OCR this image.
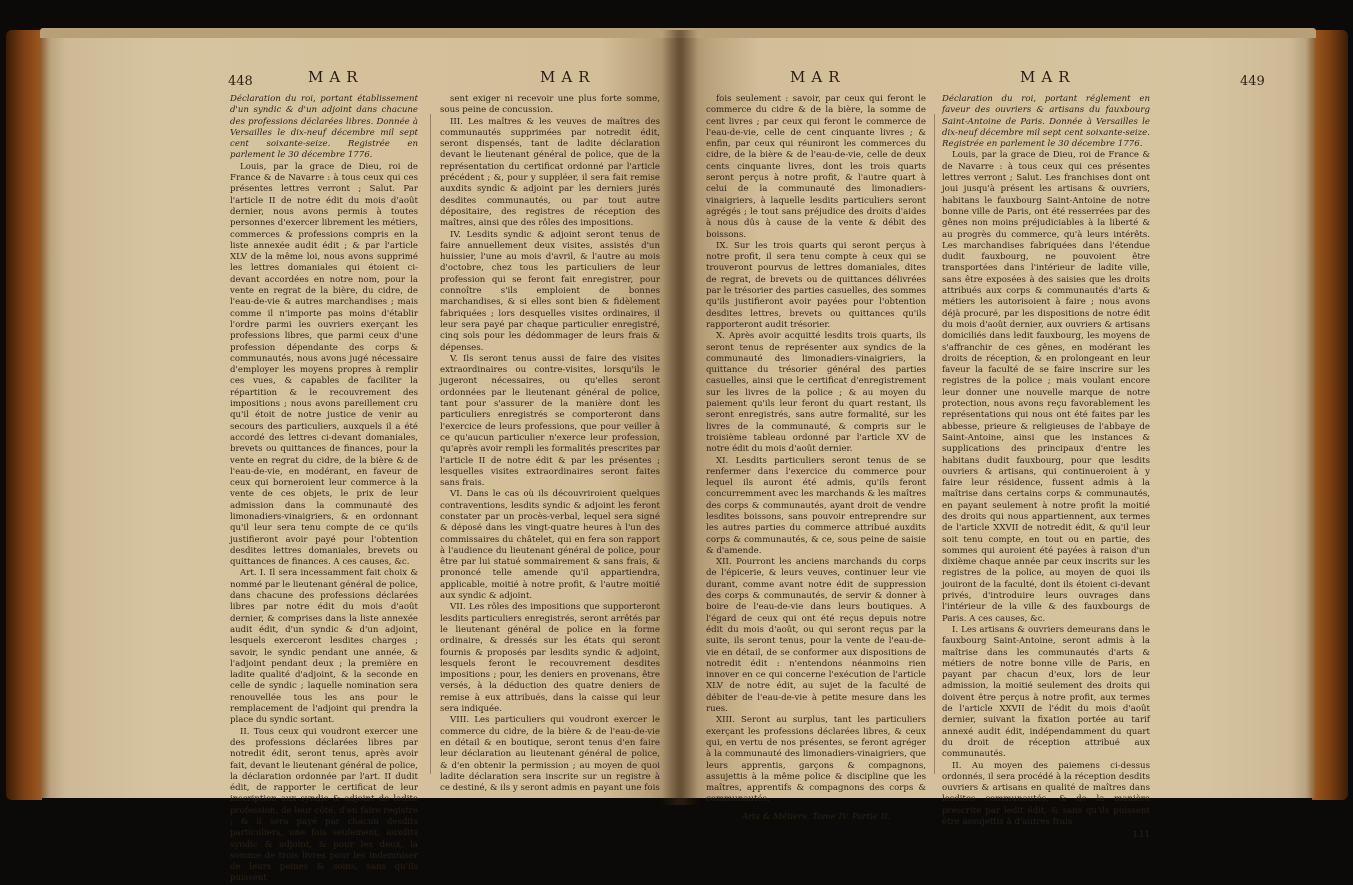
448	MAR	MAR

Déclaration du roi, portant établissement d'un syndic & d'un adjoint dans chacune des professions déclarées libres. Donnée à Versailles le dix-neuf décembre mil sept cent soixante-seize. Registrée en parlement le 30 décembre 1776.

Louis, par la grace de Dieu, roi de France & de Navarre : à tous ceux qui ces présentes lettres verront ; Salut. Par l'article II de notre édit du mois d'août dernier, nous avons permis à toutes personnes d'exercer librement les métiers, commerces & professions compris en la liste annexée audit édit ; & par l'article XLV de la même loi, nous avons supprimé les lettres domaniales qui étoient ci-devant accordées en notre nom, pour la vente en regrat de la bière, du cidre, de l'eau-de-vie & autres marchandises ; mais comme il n'importe pas moins d'établir l'ordre parmi les ouvriers exerçant les professions libres, que parmi ceux d'une profession dépendante des corps & communautés, nous avons jugé nécessaire d'employer les moyens propres à remplir ces vues, & capables de faciliter la répartition & le recouvrement des impositions ; nous avons pareillement cru qu'il étoit de notre justice de venir au secours des particuliers, auxquels il a été accordé des lettres ci-devant domaniales, brevets ou quittances de finances, pour la vente en regrat du cidre, de la bière & de l'eau-de-vie, en modérant, en faveur de ceux qui borneroient leur commerce à la vente de ces objets, le prix de leur admission dans la communauté des limonadiers-vinaigriers, & en ordonnant qu'il leur sera tenu compte de ce qu'ils justifieront avoir payé pour l'obtention desdites lettres domaniales, brevets ou quittances de finances. A ces causes, &c.

Art. I. Il sera incessamment fait choix & nommé par le lieutenant général de police, dans chacune des professions déclarées libres par notre édit du mois d'août dernier, & comprises dans la liste annexée audit édit, d'un syndic & d'un adjoint, lesquels exerceront lesdites charges ; savoir, le syndic pendant une année, & l'adjoint pendant deux ; la première en ladite qualité d'adjoint, & la seconde en celle de syndic ; laquelle nomination sera renouvellée tous les ans pour le remplacement de l'adjoint qui prendra la place du syndic sortant.

II. Tous ceux qui voudront exercer une des professions déclarées libres par notredit édit, seront tenus, après avoir fait, devant le lieutenant général de police, la déclaration ordonnée par l'art. II dudit édit, de rapporter le certificat de leur inscription aux syndic & adjoint de ladite profession, de leur côté, d'en faire registre ; & il sera payé par chacun desdits particuliers, une fois seulement, auxdits syndic & adjoint, & pour les deux, la somme de trois livres pour les indemniser de leurs peines & soins, sans qu'ils puissent

sent exiger ni recevoir une plus forte somme, sous peine de concussion.

III. Les maîtres & les veuves de maîtres des communautés supprimées par notredit édit, seront dispensés, tant de ladite déclaration devant le lieutenant général de police, que de la représentation du certificat ordonné par l'article précédent ; &, pour y suppléer, il sera fait remise auxdits syndic & adjoint par les derniers jurés desdites communautés, ou par tout autre dépositaire, des registres de réception des maîtres, ainsi que des rôles des impositions.

IV. Lesdits syndic & adjoint seront tenus de faire annuellement deux visites, assistés d'un huissier, l'une au mois d'avril, & l'autre au mois d'octobre, chez tous les particuliers de leur profession qui se feront fait enregistrer, pour connoître s'ils emploient de bonnes marchandises, & si elles sont bien & fidèlement fabriquées ; lors desquelles visites ordinaires, il leur sera payé par chaque particulier enregistré, cinq sols pour les dédommager de leurs frais & dépenses.

V. Ils seront tenus aussi de faire des visites extraordinaires ou contre-visites, lorsqu'ils le jugeront nécessaires, ou qu'elles seront ordonnées par le lieutenant général de police, tant pour s'assurer de la manière dont les particuliers enregistrés se comporteront dans l'exercice de leurs professions, que pour veiller à ce qu'aucun particulier n'exerce leur profession, qu'après avoir rempli les formalités prescrites par l'article II de notre édit & par les présentes ; lesquelles visites extraordinaires seront faites sans frais.

VI. Dans le cas où ils découvriroient quelques contraventions, lesdits syndic & adjoint les feront constater par un procès-verbal, lequel sera signé & déposé dans les vingt-quatre heures à l'un des commissaires du châtelet, qui en fera son rapport à l'audience du lieutenant général de police, pour être par lui statué sommairement & sans frais, & prononcé telle amende qu'il appartiendra, applicable, moitié à notre profit, & l'autre moitié aux syndic & adjoint.

VII. Les rôles des impositions que supporteront lesdits particuliers enregistrés, seront arrêtés par le lieutenant général de police en la forme ordinaire, & dressés sur les états qui seront fournis & proposés par lesdits syndic & adjoint, lesquels feront le recouvrement desdites impositions ; pour, les deniers en provenans, être versés, à la déduction des quatre deniers de remise à eux attribués, dans la caisse qui leur sera indiquée.

VIII. Les particuliers qui voudront exercer le commerce du cidre, de la bière & de l'eau-de-vie en détail & en boutique, seront tenus d'en faire leur déclaration au lieutenant général de police, & d'en obtenir la permission ; au moyen de quoi ladite déclaration sera inscrite sur un registre à ce destiné, & ils y seront admis en payant une fois

MAR	MAR	449

fois seulement : savoir, par ceux qui feront le commerce du cidre & de la bière, la somme de cent livres ; par ceux qui feront le commerce de l'eau-de-vie, celle de cent cinquante livres ; & enfin, par ceux qui réuniront les commerces du cidre, de la bière & de l'eau-de-vie, celle de deux cents cinquante livres, dont les trois quarts seront perçus à notre profit, & l'autre quart à celui de la communauté des limonadiers-vinaigriers, à laquelle lesdits particuliers seront agrégés ; le tout sans préjudice des droits d'aides à nous dûs à cause de la vente & débit des boissons.

IX. Sur les trois quarts qui seront perçus à notre profit, il sera tenu compte à ceux qui se trouveront pourvus de lettres domaniales, dites de regrat, de brevets ou de quittances délivrées par le trésorier des parties casuelles, des sommes qu'ils justifieront avoir payées pour l'obtention desdites lettres, brevets ou quittances qu'ils rapporteront audit trésorier.

X. Après avoir acquitté lesdits trois quarts, ils seront tenus de représenter aux syndics de la communauté des limonadiers-vinaigriers, la quittance du trésorier général des parties casuelles, ainsi que le certificat d'enregistrement sur les livres de la police ; & au moyen du paiement qu'ils leur feront du quart restant, ils seront enregistrés, sans autre formalité, sur les livres de la communauté, & compris sur le troisième tableau ordonné par l'article XV de notre édit du mois d'août dernier.

XI. Lesdits particuliers seront tenus de se renfermer dans l'exercice du commerce pour lequel ils auront été admis, qu'ils feront concurremment avec les marchands & les maîtres des corps & communautés, ayant droit de vendre lesdites boissons, sans pouvoir entreprendre sur les autres parties du commerce attribué auxdits corps & communautés, & ce, sous peine de saisie & d'amende.

XII. Pourront les anciens marchands du corps de l'épicerie, & leurs veuves, continuer leur vie durant, comme avant notre édit de suppression des corps & communautés, de servir & donner à boire de l'eau-de-vie dans leurs boutiques. A l'égard de ceux qui ont été reçus depuis notre édit du mois d'août, ou qui seront reçus par la suite, ils seront tenus, pour la vente de l'eau-de-vie en détail, de se conformer aux dispositions de notredit édit : n'entendons néanmoins rien innover en ce qui concerne l'exécution de l'article XLV de notre édit, au sujet de la faculté de débiter de l'eau-de-vie à petite mesure dans les rues.

XIII. Seront au surplus, tant les particuliers exerçant les professions déclarées libres, & ceux qui, en vertu de nos présentes, se feront agréger à la communauté des limonadiers-vinaigriers, que leurs apprentis, garçons & compagnons, assujettis à la même police & discipline que les maîtres, apprentifs & compagnons des corps & communautés.

Arts & Métiers. Tome IV. Partie II.

Déclaration du roi, portant réglement en faveur des ouvriers & artisans du fauxbourg Saint-Antoine de Paris. Donnée à Versailles le dix-neuf décembre mil sept cent soixante-seize. Registrée en parlement le 30 décembre 1776.

Louis, par la grace de Dieu, roi de France & de Navarre : à tous ceux qui ces présentes lettres verront ; Salut. Les franchises dont ont joui jusqu'à présent les artisans & ouvriers, habitans le fauxbourg Saint-Antoine de notre bonne ville de Paris, ont été resserrées par des gênes non moins préjudiciables à la liberté & au progrès du commerce, qu'à leurs intérêts. Les marchandises fabriquées dans l'étendue dudit fauxbourg, ne pouvoient être transportées dans l'intérieur de ladite ville, sans être exposées à des saisies que les droits attribués aux corps & communautés d'arts & métiers les autorisoient à faire ; nous avons déjà procuré, par les dispositions de notre édit du mois d'août dernier, aux ouvriers & artisans domiciliés dans ledit fauxbourg, les moyens de s'affranchir de ces gênes, en modérant les droits de réception, & en prolongeant en leur faveur la faculté de se faire inscrire sur les registres de la police ; mais voulant encore leur donner une nouvelle marque de notre protection, nous avons reçu favorablement les représentations qui nous ont été faites par les abbesse, prieure & religieuses de l'abbaye de Saint-Antoine, ainsi que les instances & supplications des principaux d'entre les habitans dudit fauxbourg, pour que lesdits ouvriers & artisans, qui continueroient à y faire leur résidence, fussent admis à la maîtrise dans certains corps & communautés, en payant seulement à notre profit la moitié des droits qui nous appartiennent, aux termes de l'article XXVII de notredit édit, & qu'il leur soit tenu compte, en tout ou en partie, des sommes qui auroient été payées à raison d'un dixième chaque année par ceux inscrits sur les registres de la police, au moyen de quoi ils jouiront de la faculté, dont ils étoient ci-devant privés, d'introduire leurs ouvrages dans l'intérieur de la ville & des fauxbourgs de Paris. A ces causes, &c.

I. Les artisans & ouvriers demeurans dans le fauxbourg Saint-Antoine, seront admis à la maîtrise dans les communautés d'arts & métiers de notre bonne ville de Paris, en payant par chacun d'eux, lors de leur admission, la moitié seulement des droits qui doivent être perçus à notre profit, aux termes de l'article XXVII de l'édit du mois d'août dernier, suivant la fixation portée au tarif annexé audit édit, indépendamment du quart du droit de réception attribué aux communautés.

II. Au moyen des paiemens ci-dessus ordonnés, il sera procédé à la réception desdits ouvriers & artisans en qualité de maîtres dans lesdites communautés, & de la manière prescrite par ledit édit, & sans qu'ils puissent être assujettis à d'autres frais

L11
